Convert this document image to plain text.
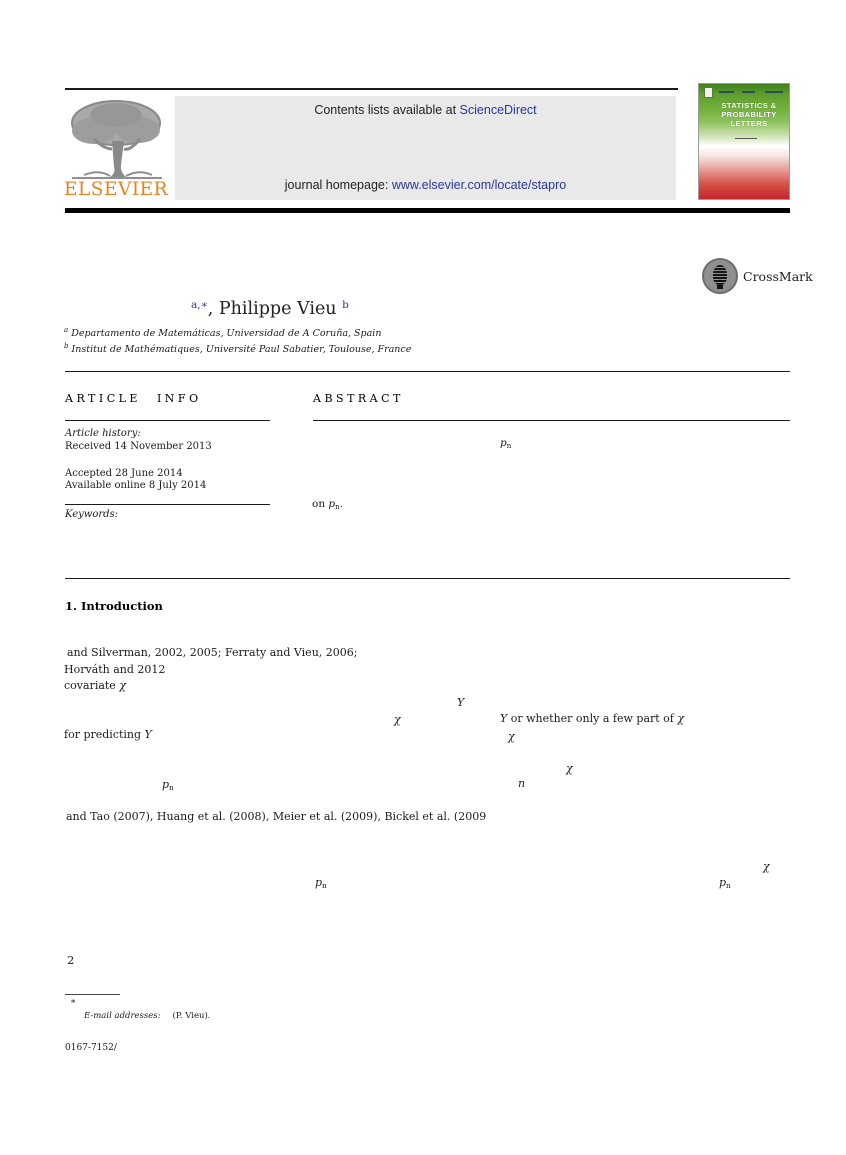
ELSEVIER
Contents lists available at ScienceDirect
journal homepage: www.elsevier.com/locate/stapro
STATISTICS &
PROBABILITY
LETTERS
CrossMark
$^{a,∗}$, Philippe Vieu $^b$
$^a$ Departamento de Matemáticas, Universidad de A Coruña, Spain
$^b$ Institut de Mathématiques, Université Paul Sabatier, Toulouse, France
ARTICLE INFO
Article history:
Received 14 November 2013
Accepted 28 June 2014
Available online 8 July 2014
Keywords:
ABSTRACT
$p_n$
on $p_n$.
1. Introduction
and Silverman, 2002, 2005; Ferraty and Vieu, 2006;
Horváth and 2012
covariate χ
Y
χ	Y or whether only a few part of χ
for predicting Y	χ
χ
$p_n$	n
and Tao (2007), Huang et al. (2008), Meier et al. (2009), Bickel et al. (2009
χ
$p_n$	$p_n$
2
∗
E-mail addresses: (P. Vieu).
0167-7152/
